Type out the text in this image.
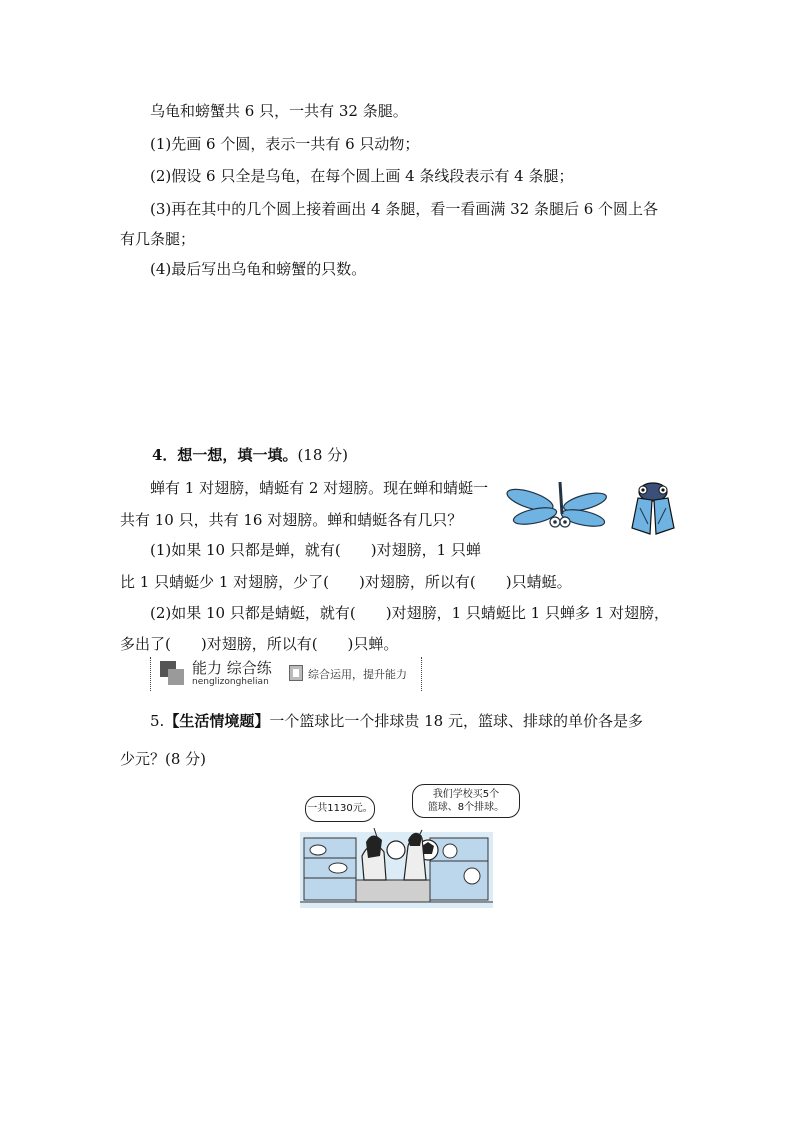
乌龟和螃蟹共 6 只，一共有 32 条腿。
(1)先画 6 个圆，表示一共有 6 只动物；
(2)假设 6 只全是乌龟，在每个圆上画 4 条线段表示有 4 条腿；
(3)再在其中的几个圆上接着画出 4 条腿，看一看画满 32 条腿后 6 个圆上各
有几条腿；
(4)最后写出乌龟和螃蟹的只数。
4．想一想，填一填。(18 分)
蝉有 1 对翅膀，蜻蜓有 2 对翅膀。现在蝉和蜻蜓一
共有 10 只，共有 16 对翅膀。蝉和蜻蜓各有几只？
(1)如果 10 只都是蝉，就有(　　)对翅膀，1 只蝉
比 1 只蜻蜓少 1 对翅膀，少了(　　)对翅膀，所以有(　　)只蜻蜓。
(2)如果 10 只都是蜻蜓，就有(　　)对翅膀，1 只蜻蜓比 1 只蝉多 1 对翅膀，
多出了(　　)对翅膀，所以有(　　)只蝉。
能力 综合练
nenglizonghelian
综合运用，提升能力
5.【生活情境题】一个篮球比一个排球贵 18 元，篮球、排球的单价各是多
少元？(8 分)
一共1130元。
我们学校买5个
篮球、8个排球。
